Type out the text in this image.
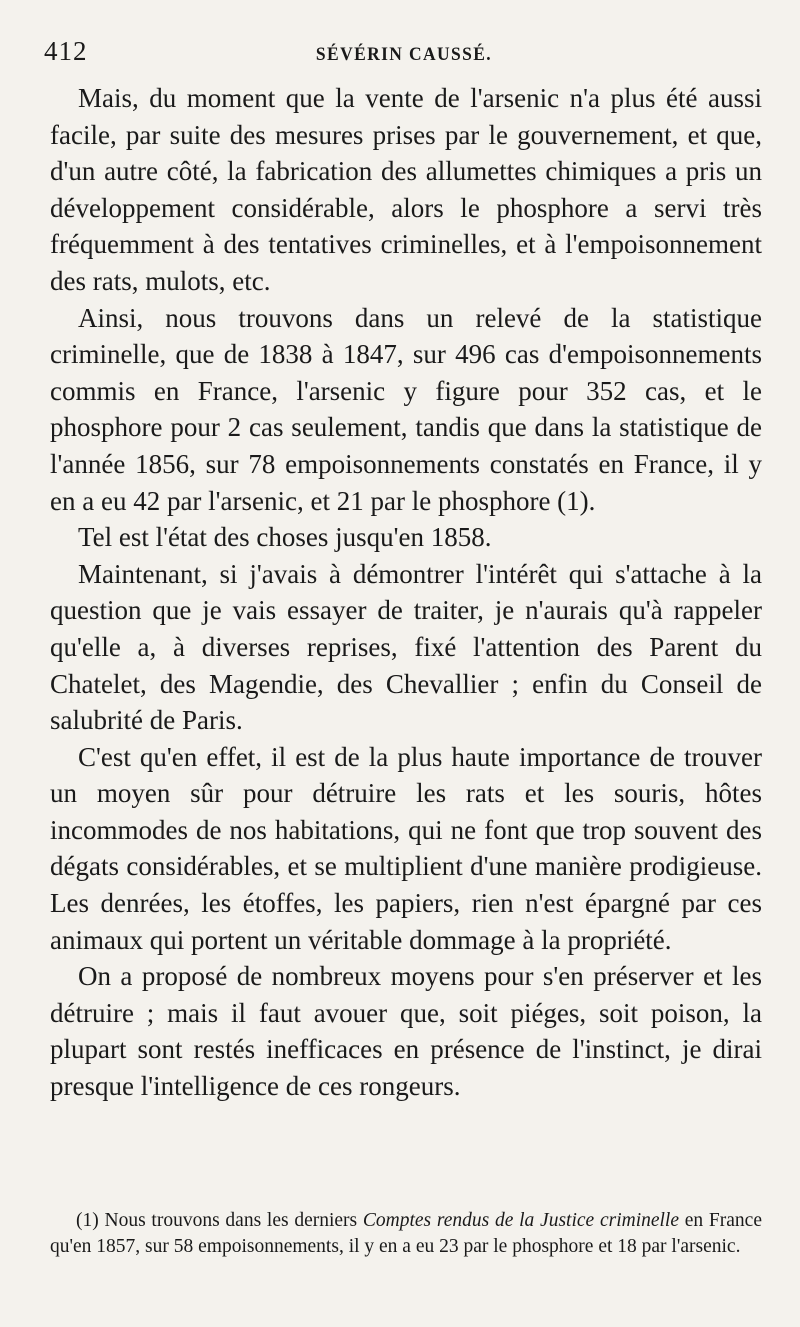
412	SÉVÉRIN CAUSSÉ.

Mais, du moment que la vente de l'arsenic n'a plus été aussi facile, par suite des mesures prises par le gouvernement, et que, d'un autre côté, la fabrication des allumettes chimiques a pris un développement considérable, alors le phosphore a servi très fréquemment à des tentatives criminelles, et à l'empoisonnement des rats, mulots, etc.

Ainsi, nous trouvons dans un relevé de la statistique criminelle, que de 1838 à 1847, sur 496 cas d'empoisonnements commis en France, l'arsenic y figure pour 352 cas, et le phosphore pour 2 cas seulement, tandis que dans la statistique de l'année 1856, sur 78 empoisonnements constatés en France, il y en a eu 42 par l'arsenic, et 21 par le phosphore (1).

Tel est l'état des choses jusqu'en 1858.

Maintenant, si j'avais à démontrer l'intérêt qui s'attache à la question que je vais essayer de traiter, je n'aurais qu'à rappeler qu'elle a, à diverses reprises, fixé l'attention des Parent du Chatelet, des Magendie, des Chevallier ; enfin du Conseil de salubrité de Paris.

C'est qu'en effet, il est de la plus haute importance de trouver un moyen sûr pour détruire les rats et les souris, hôtes incommodes de nos habitations, qui ne font que trop souvent des dégats considérables, et se multiplient d'une manière prodigieuse. Les denrées, les étoffes, les papiers, rien n'est épargné par ces animaux qui portent un véritable dommage à la propriété.

On a proposé de nombreux moyens pour s'en préserver et les détruire ; mais il faut avouer que, soit piéges, soit poison, la plupart sont restés inefficaces en présence de l'instinct, je dirai presque l'intelligence de ces rongeurs.

(1) Nous trouvons dans les derniers Comptes rendus de la Justice criminelle en France qu'en 1857, sur 58 empoisonnements, il y en a eu 23 par le phosphore et 18 par l'arsenic.
